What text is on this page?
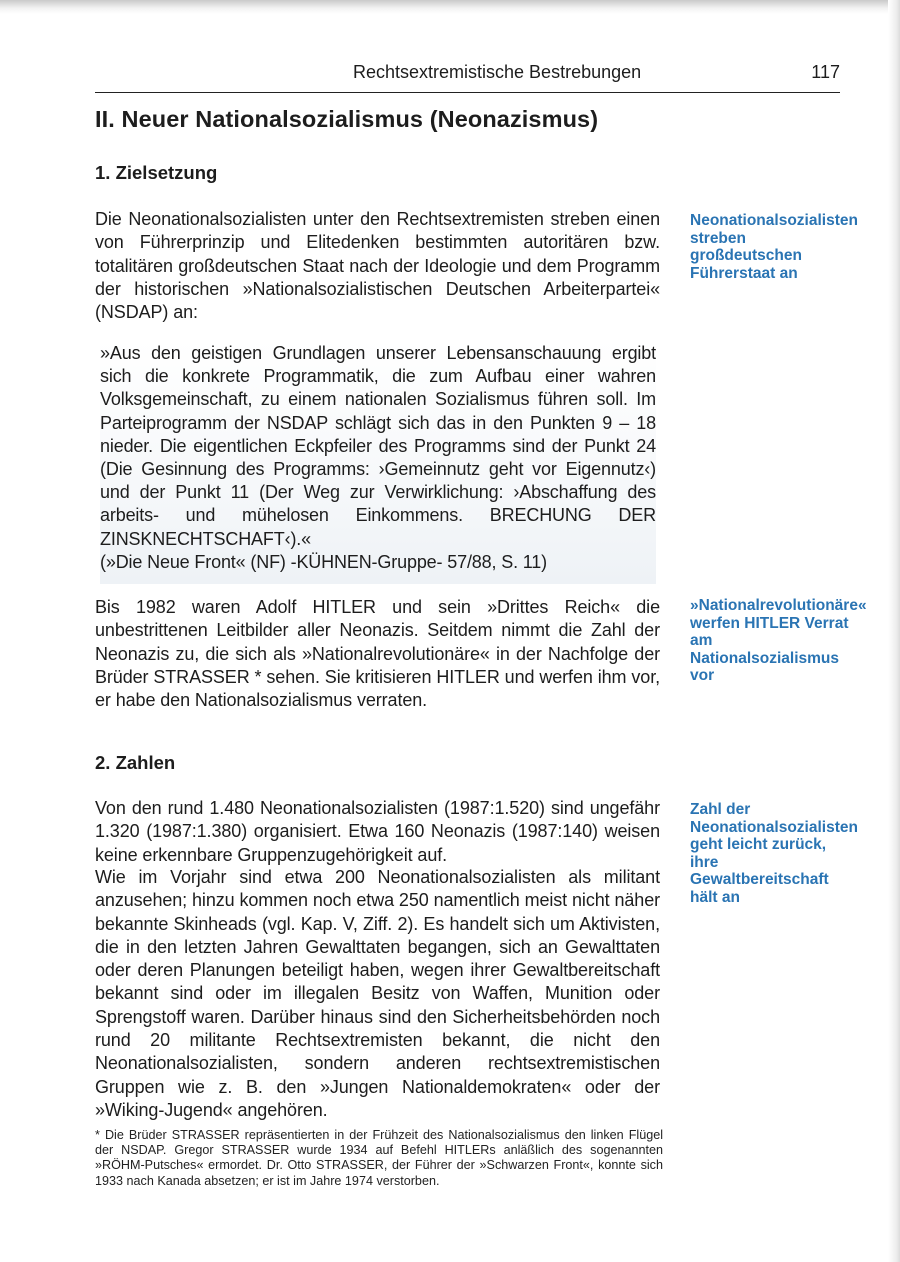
Rechtsextremistische Bestrebungen	117
II. Neuer Nationalsozialismus (Neonazismus)
1. Zielsetzung

Die Neonationalsozialisten unter den Rechtsextremisten streben einen von Führerprinzip und Elitedenken bestimmten autoritären bzw. totalitären großdeutschen Staat nach der Ideologie und dem Programm der historischen »Nationalsozialistischen Deutschen Arbeiterpartei« (NSDAP) an:

»Aus den geistigen Grundlagen unserer Lebensanschauung ergibt sich die konkrete Programmatik, die zum Aufbau einer wahren Volksgemeinschaft, zu einem nationalen Sozialismus führen soll. Im Parteiprogramm der NSDAP schlägt sich das in den Punkten 9 – 18 nieder. Die eigentlichen Eckpfeiler des Programms sind der Punkt 24 (Die Gesinnung des Programms: ›Gemeinnutz geht vor Eigennutz‹) und der Punkt 11 (Der Weg zur Verwirklichung: ›Abschaffung des arbeits- und mühelosen Einkommens. BRECHUNG DER ZINSKNECHTSCHAFT‹).«
(»Die Neue Front« (NF) -KÜHNEN-Gruppe- 57/88, S. 11)

Bis 1982 waren Adolf HITLER und sein »Drittes Reich« die unbestrittenen Leitbilder aller Neonazis. Seitdem nimmt die Zahl der Neonazis zu, die sich als »Nationalrevolutionäre« in der Nachfolge der Brüder STRASSER * sehen. Sie kritisieren HITLER und werfen ihm vor, er habe den Nationalsozialismus verraten.

2. Zahlen

Von den rund 1.480 Neonationalsozialisten (1987:1.520) sind ungefähr 1.320 (1987:1.380) organisiert. Etwa 160 Neonazis (1987:140) weisen keine erkennbare Gruppenzugehörigkeit auf.

Wie im Vorjahr sind etwa 200 Neonationalsozialisten als militant anzusehen; hinzu kommen noch etwa 250 namentlich meist nicht näher bekannte Skinheads (vgl. Kap. V, Ziff. 2). Es handelt sich um Aktivisten, die in den letzten Jahren Gewalttaten begangen, sich an Gewalttaten oder deren Planungen beteiligt haben, wegen ihrer Gewaltbereitschaft bekannt sind oder im illegalen Besitz von Waffen, Munition oder Sprengstoff waren. Darüber hinaus sind den Sicherheitsbehörden noch rund 20 militante Rechtsextremisten bekannt, die nicht den Neonationalsozialisten, sondern anderen rechtsextremistischen Gruppen wie z. B. den »Jungen Nationaldemokraten« oder der »Wiking-Jugend« angehören.

Neonationalsozialisten streben großdeutschen Führerstaat an

»Nationalrevolutionäre« werfen HITLER Verrat am Nationalsozialismus vor

Zahl der Neonationalsozialisten geht leicht zurück, ihre Gewaltbereitschaft hält an

* Die Brüder STRASSER repräsentierten in der Frühzeit des Nationalsozialismus den linken Flügel der NSDAP. Gregor STRASSER wurde 1934 auf Befehl HITLERs anläßlich des sogenannten »RÖHM-Putsches« ermordet. Dr. Otto STRASSER, der Führer der »Schwarzen Front«, konnte sich 1933 nach Kanada absetzen; er ist im Jahre 1974 verstorben.
